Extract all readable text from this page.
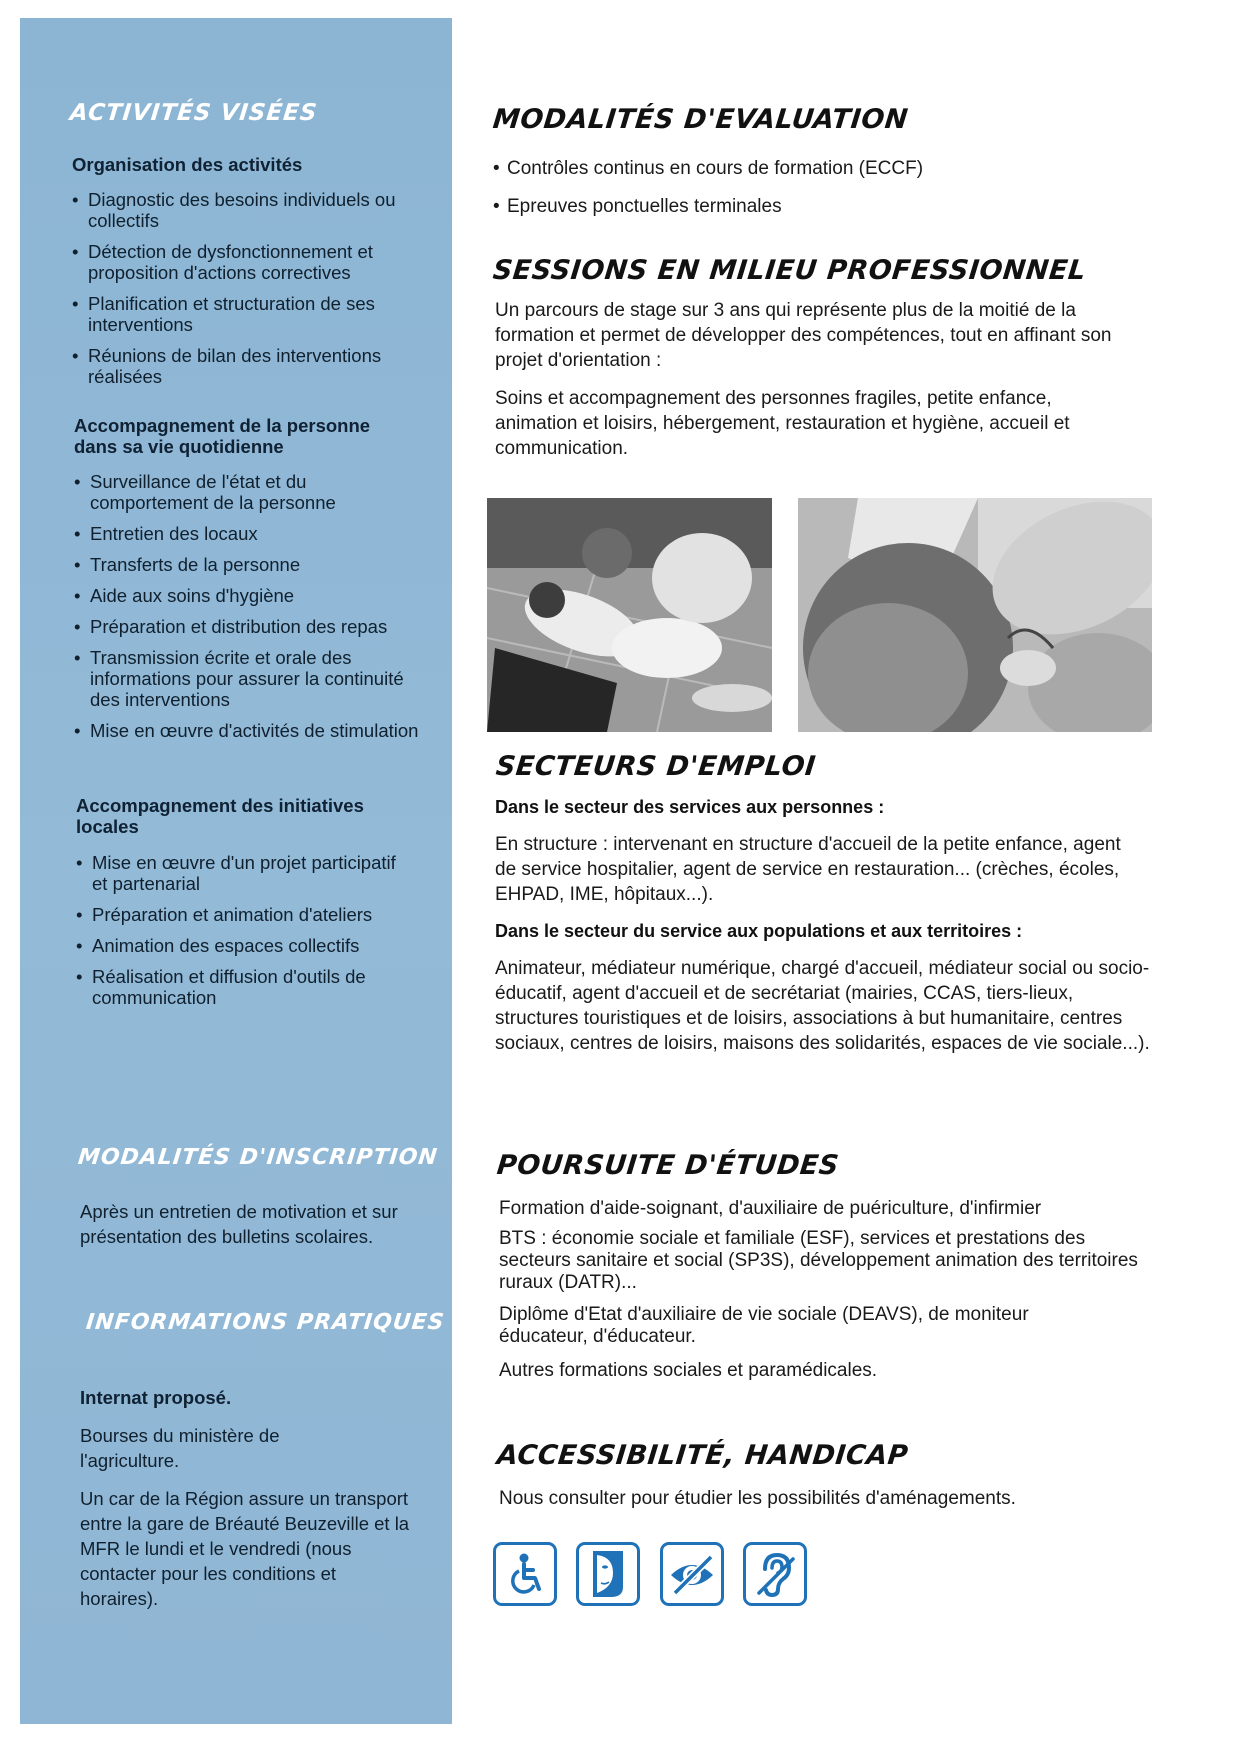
ACTIVITÉS VISÉES
Organisation des activités
• Diagnostic des besoins individuels ou collectifs
• Détection de dysfonctionnement et proposition d'actions correctives
• Planification et structuration de ses interventions
• Réunions de bilan des interventions réalisées
Accompagnement de la personne dans sa vie quotidienne
• Surveillance de l'état et du comportement de la personne
• Entretien des locaux
• Transferts de la personne
• Aide aux soins d'hygiène
• Préparation et distribution des repas
• Transmission écrite et orale des informations pour assurer la continuité des interventions
• Mise en œuvre d'activités de stimulation
Accompagnement des initiatives locales
• Mise en œuvre d'un projet participatif et partenarial
• Préparation et animation d'ateliers
• Animation des espaces collectifs
• Réalisation et diffusion d'outils de communication
MODALITÉS D'INSCRIPTION
Après un entretien de motivation et sur présentation des bulletins scolaires.
INFORMATIONS PRATIQUES
Internat proposé.
Bourses du ministère de l'agriculture.
Un car de la Région assure un transport entre la gare de Bréauté Beuzeville et la MFR le lundi et le vendredi (nous contacter pour les conditions et horaires).
MODALITÉS D'EVALUATION
• Contrôles continus en cours de formation (ECCF)
• Epreuves ponctuelles terminales
SESSIONS EN MILIEU PROFESSIONNEL
Un parcours de stage sur 3 ans qui représente plus de la moitié de la formation et permet de développer des compétences, tout en affinant son projet d'orientation :
Soins et accompagnement des personnes fragiles, petite enfance, animation et loisirs, hébergement, restauration et hygiène, accueil et communication.
SECTEURS D'EMPLOI
Dans le secteur des services aux personnes :
En structure : intervenant en structure d'accueil de la petite enfance, agent de service hospitalier, agent de service en restauration... (crèches, écoles, EHPAD, IME, hôpitaux...).
Dans le secteur du service aux populations et aux territoires :
Animateur, médiateur numérique, chargé d'accueil, médiateur social ou socio-éducatif, agent d'accueil et de secrétariat (mairies, CCAS, tiers-lieux, structures touristiques et de loisirs, associations à but humanitaire, centres sociaux, centres de loisirs, maisons des solidarités, espaces de vie sociale...).
POURSUITE D'ÉTUDES
Formation d'aide-soignant, d'auxiliaire de puériculture, d'infirmier
BTS : économie sociale et familiale (ESF), services et prestations des secteurs sanitaire et social (SP3S), développement animation des territoires ruraux (DATR)...
Diplôme d'Etat d'auxiliaire de vie sociale (DEAVS), de moniteur éducateur, d'éducateur.
Autres formations sociales et paramédicales.
ACCESSIBILITÉ, HANDICAP
Nous consulter pour étudier les possibilités d'aménagements.
